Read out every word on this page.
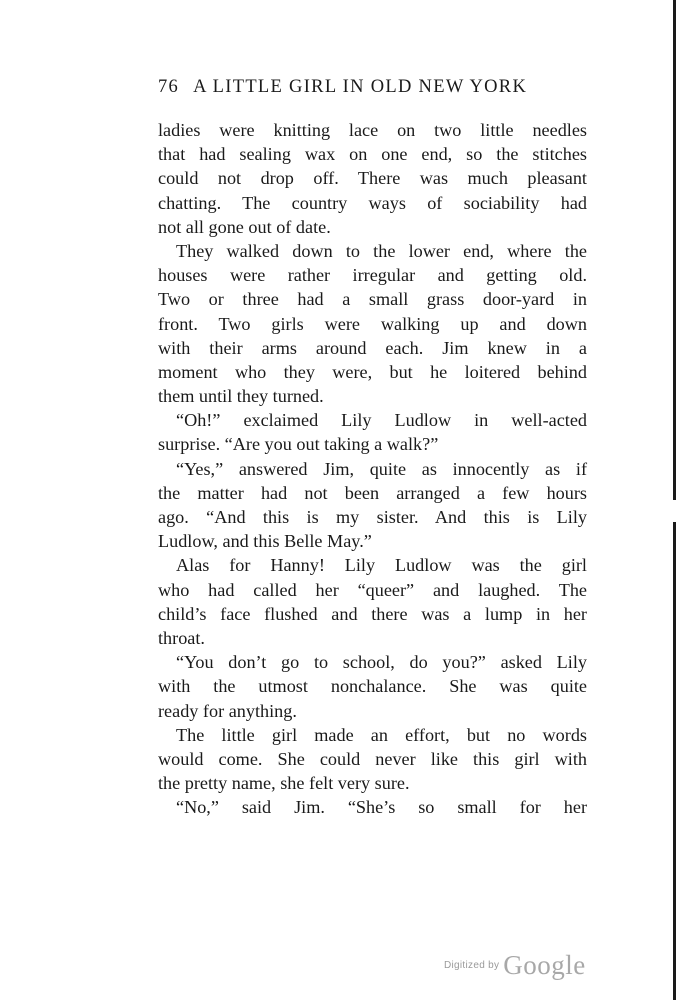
76 A LITTLE GIRL IN OLD NEW YORK
ladies were knitting lace on two little needles
that had sealing wax on one end, so the stitches
could not drop off. There was much pleasant
chatting. The country ways of sociability had
not all gone out of date.
They walked down to the lower end, where the
houses were rather irregular and getting old.
Two or three had a small grass door-yard in
front. Two girls were walking up and down
with their arms around each. Jim knew in a
moment who they were, but he loitered behind
them until they turned.
“Oh!” exclaimed Lily Ludlow in well-acted
surprise. “Are you out taking a walk?”
“Yes,” answered Jim, quite as innocently as if
the matter had not been arranged a few hours
ago. “And this is my sister. And this is Lily
Ludlow, and this Belle May.”
Alas for Hanny! Lily Ludlow was the girl
who had called her “queer” and laughed. The
child’s face flushed and there was a lump in her
throat.
“You don’t go to school, do you?” asked Lily
with the utmost nonchalance. She was quite
ready for anything.
The little girl made an effort, but no words
would come. She could never like this girl with
the pretty name, she felt very sure.
“No,” said Jim. “She’s so small for her
Digitized by Google
